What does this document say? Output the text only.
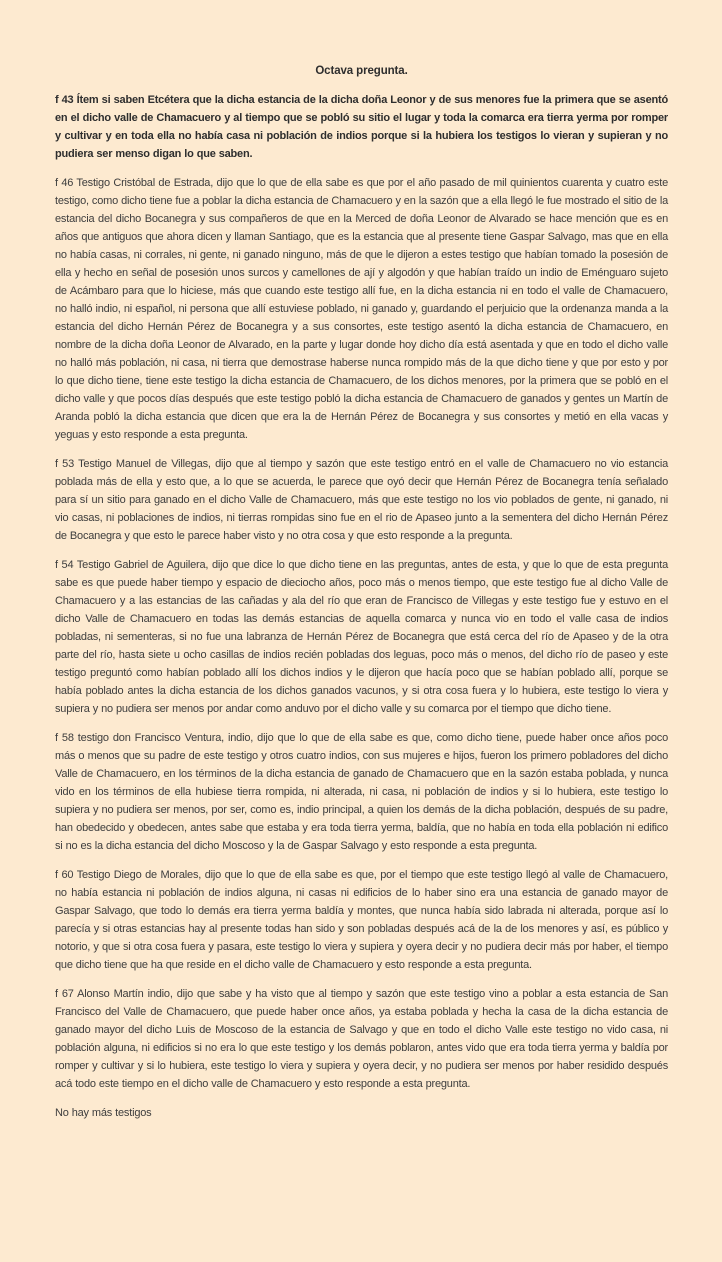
Octava pregunta.

f 43 Ítem si saben Etcétera que la dicha estancia de la dicha doña Leonor y de sus menores fue la primera que se asentó en el dicho valle de Chamacuero y al tiempo que se pobló su sitio el lugar y toda la comarca era tierra yerma por romper y cultivar y en toda ella no había casa ni población de indios porque si la hubiera los testigos lo vieran y supieran y no pudiera ser menso digan lo que saben.

f 46 Testigo Cristóbal de Estrada, dijo que lo que de ella sabe es que por el año pasado de mil quinientos cuarenta y cuatro este testigo, como dicho tiene fue a poblar la dicha estancia de Chamacuero y en la sazón que a ella llegó le fue mostrado el sitio de la estancia del dicho Bocanegra y sus compañeros de que en la Merced de doña Leonor de Alvarado se hace mención que es en años que antiguos que ahora dicen y llaman Santiago, que es la estancia que al presente tiene Gaspar Salvago, mas que en ella no había casas, ni corrales, ni gente, ni ganado ninguno, más de que le dijeron a estes testigo que habían tomado la posesión de ella y hecho en señal de posesión unos surcos y camellones de ají y algodón y que habían traído un indio de Eménguaro sujeto de Acámbaro para que lo hiciese, más que cuando este testigo allí fue, en la dicha estancia ni en todo el valle de Chamacuero, no halló indio, ni español, ni persona que allí estuviese poblado, ni ganado y, guardando el perjuicio que la ordenanza manda a la estancia del dicho Hernán Pérez de Bocanegra y a sus consortes, este testigo asentó la dicha estancia de Chamacuero, en nombre de la dicha doña Leonor de Alvarado, en la parte y lugar donde hoy dicho día está asentada y que en todo el dicho valle no halló más población, ni casa, ni tierra que demostrase haberse nunca rompido más de la que dicho tiene y que por esto y por lo que dicho tiene, tiene este testigo la dicha estancia de Chamacuero, de los dichos menores, por la primera que se pobló en el dicho valle y que pocos días después que este testigo pobló la dicha estancia de Chamacuero de ganados y gentes un Martín de Aranda pobló la dicha estancia que dicen que era la de Hernán Pérez de Bocanegra y sus consortes y metió en ella vacas y yeguas y esto responde a esta pregunta.

f 53 Testigo Manuel de Villegas, dijo que al tiempo y sazón que este testigo entró en el valle de Chamacuero no vio estancia poblada más de ella y esto que, a lo que se acuerda, le parece que oyó decir que Hernán Pérez de Bocanegra tenía señalado para sí un sitio para ganado en el dicho Valle de Chamacuero, más que este testigo no los vio poblados de gente, ni ganado, ni vio casas, ni poblaciones de indios, ni tierras rompidas sino fue en el rio de Apaseo junto a la sementera del dicho Hernán Pérez de Bocanegra y que esto le parece haber visto y no otra cosa y que esto responde a la pregunta.

f 54 Testigo Gabriel de Aguilera, dijo que dice lo que dicho tiene en las preguntas, antes de esta, y que lo que de esta pregunta sabe es que puede haber tiempo y espacio de dieciocho años, poco más o menos tiempo, que este testigo fue al dicho Valle de Chamacuero y a las estancias de las cañadas y ala del río que eran de Francisco de Villegas y este testigo fue y estuvo en el dicho Valle de Chamacuero en todas las demás estancias de aquella comarca y nunca vio en todo el valle casa de indios pobladas, ni sementeras, si no fue una labranza de Hernán Pérez de Bocanegra que está cerca del río de Apaseo y de la otra parte del río, hasta siete u ocho casillas de indios recién pobladas dos leguas, poco más o menos, del dicho río de paseo y este testigo preguntó como habían poblado allí los dichos indios y le dijeron que hacía poco que se habían poblado allí, porque se había poblado antes la dicha estancia de los dichos ganados vacunos, y si otra cosa fuera y lo hubiera, este testigo lo viera y supiera y no pudiera ser menos por andar como anduvo por el dicho valle y su comarca por el tiempo que dicho tiene.

f 58 testigo don Francisco Ventura, indio, dijo que lo que de ella sabe es que, como dicho tiene, puede haber once años poco más o menos que su padre de este testigo y otros cuatro indios, con sus mujeres e hijos, fueron los primero pobladores del dicho Valle de Chamacuero, en los términos de la dicha estancia de ganado de Chamacuero que en la sazón estaba poblada, y nunca vido en los términos de ella hubiese tierra rompida, ni alterada, ni casa, ni población de indios y si lo hubiera, este testigo lo supiera y no pudiera ser menos, por ser, como es, indio principal, a quien los demás de la dicha población, después de su padre, han obedecido y obedecen, antes sabe que estaba y era toda tierra yerma, baldía, que no había en toda ella población ni edifico si no es la dicha estancia del dicho Moscoso y la de Gaspar Salvago y esto responde a esta pregunta.

f 60 Testigo Diego de Morales, dijo que lo que de ella sabe es que, por el tiempo que este testigo llegó al valle de Chamacuero, no había estancia ni población de indios alguna, ni casas ni edificios de lo haber sino era una estancia de ganado mayor de Gaspar Salvago, que todo lo demás era tierra yerma baldía y montes, que nunca había sido labrada ni alterada, porque así lo parecía y si otras estancias hay al presente todas han sido y son pobladas después acá de la de los menores y así, es público y notorio, y que si otra cosa fuera y pasara, este testigo lo viera y supiera y oyera decir y no pudiera decir más por haber, el tiempo que dicho tiene que ha que reside en el dicho valle de Chamacuero y esto responde a esta pregunta.

f 67 Alonso Martín indio, dijo que sabe y ha visto que al tiempo y sazón que este testigo vino a poblar a esta estancia de San Francisco del Valle de Chamacuero, que puede haber once años, ya estaba poblada y hecha la casa de la dicha estancia de ganado mayor del dicho Luis de Moscoso de la estancia de Salvago y que en todo el dicho Valle este testigo no vido casa, ni población alguna, ni edificios si no era lo que este testigo y los demás poblaron, antes vido que era toda tierra yerma y baldía por romper y cultivar y si lo hubiera, este testigo lo viera y supiera y oyera decir, y no pudiera ser menos por haber residido después acá todo este tiempo en el dicho valle de Chamacuero y esto responde a esta pregunta.

No hay más testigos
